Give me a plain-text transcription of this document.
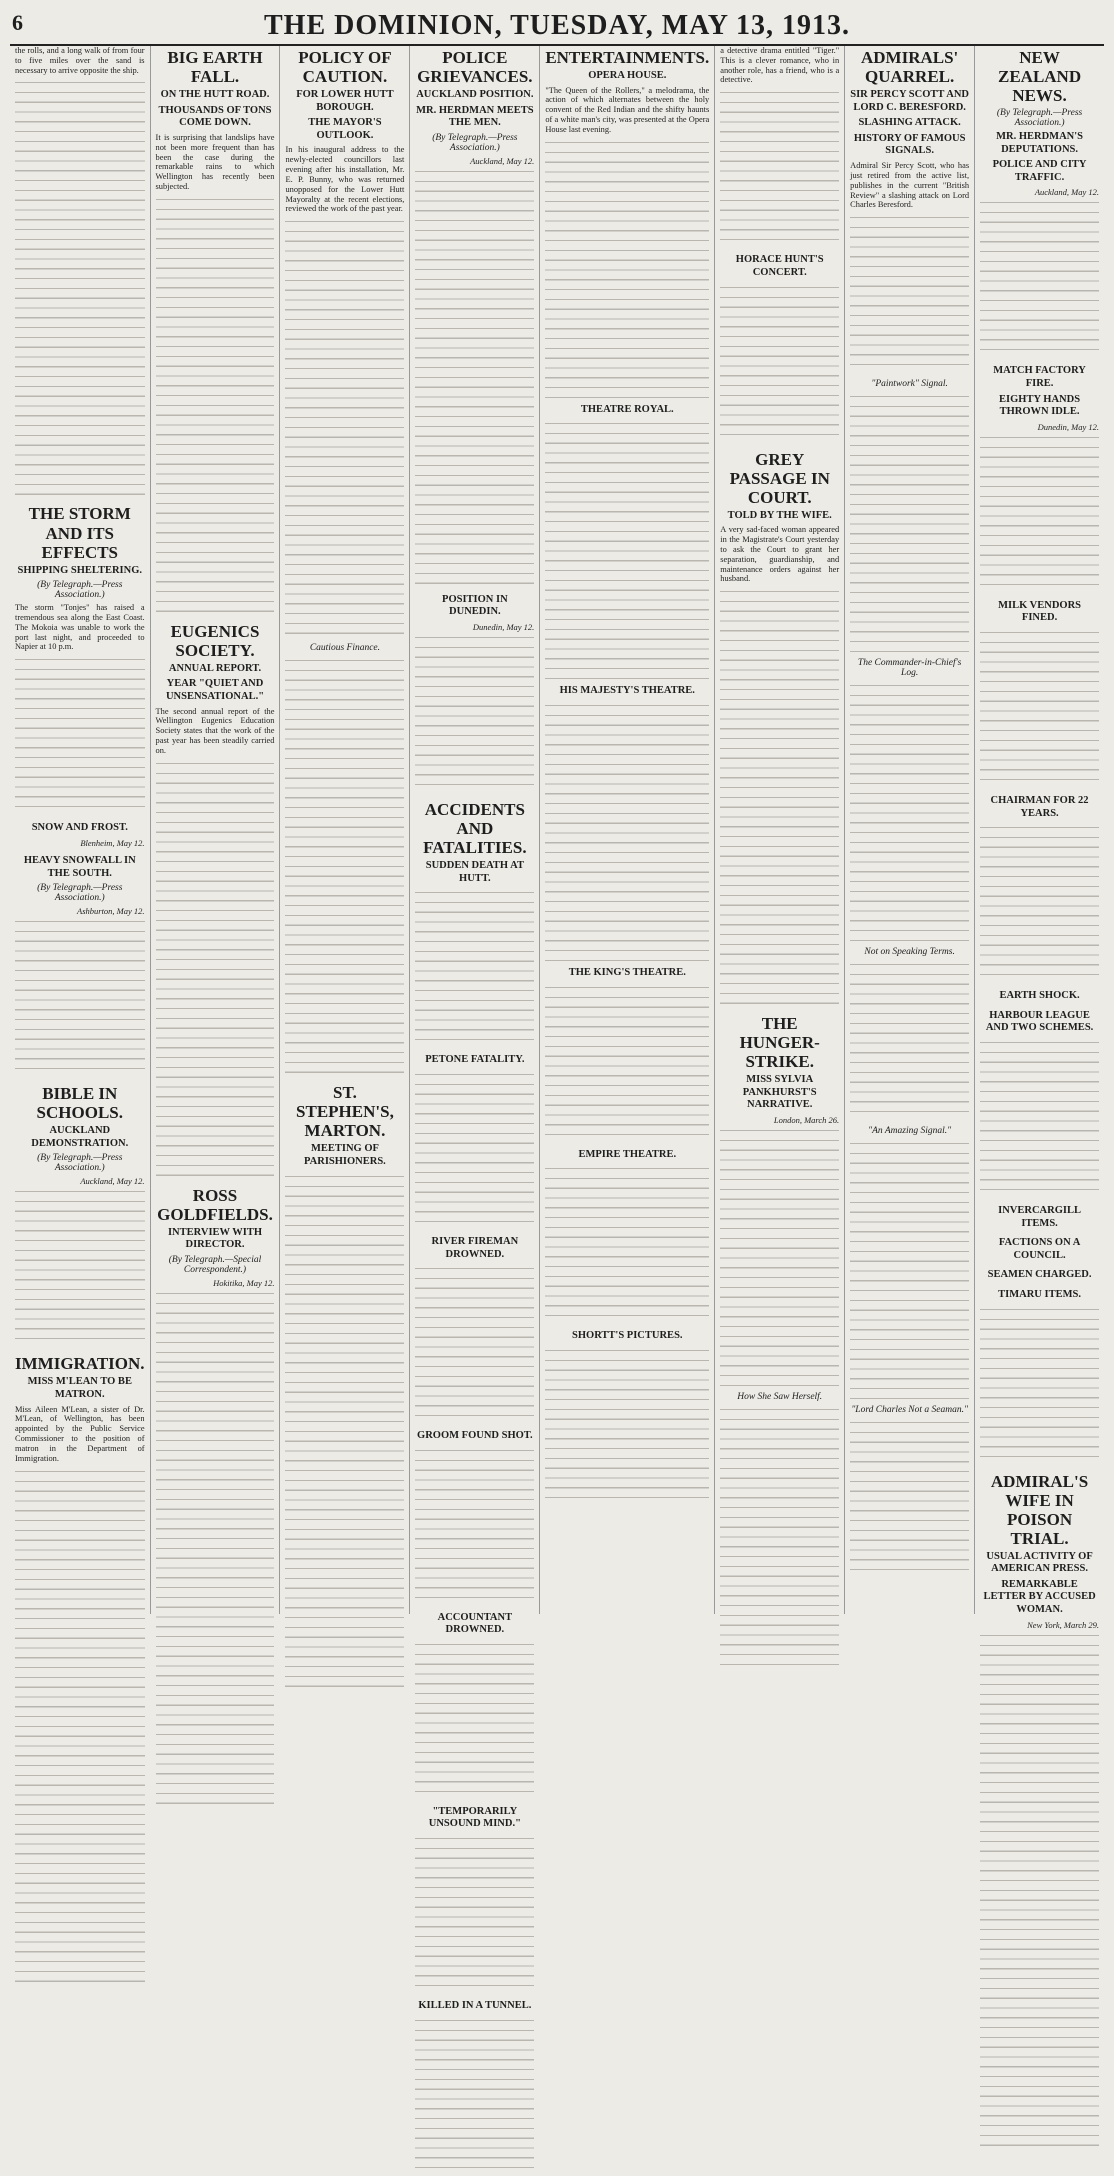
6	THE DOMINION, TUESDAY, MAY 13, 1913.

the rolls, and a long walk of from four to five miles over the sand is necessary to arrive opposite the ship.

THE STORM AND ITS EFFECTS
SHIPPING SHELTERING.
(By Telegraph.—Press Association.)

The storm "Tonjes" has raised a tremendous sea along the East Coast. The Mokoia was unable to work the port last night, and proceeded to Napier at 10 p.m.

SNOW AND FROST.
Blenheim, May 12.
HEAVY SNOWFALL IN THE SOUTH.
(By Telegraph.—Press Association.)
Ashburton, May 12.
BIBLE IN SCHOOLS.
AUCKLAND DEMONSTRATION.
(By Telegraph.—Press Association.)
Auckland, May 12.
IMMIGRATION.
MISS M'LEAN TO BE MATRON.

Miss Aileen M'Lean, a sister of Dr. M'Lean, of Wellington, has been appointed by the Public Service Commissioner to the position of matron in the Department of Immigration.

BIG EARTH FALL.
ON THE HUTT ROAD.
THOUSANDS OF TONS COME DOWN.

It is surprising that landslips have not been more frequent than has been the case during the remarkable rains to which Wellington has recently been subjected.

EUGENICS SOCIETY.
ANNUAL REPORT.
YEAR "QUIET AND UNSENSATIONAL."

The second annual report of the Wellington Eugenics Education Society states that the work of the past year has been steadily carried on.

ROSS GOLDFIELDS.
INTERVIEW WITH DIRECTOR.
(By Telegraph.—Special Correspondent.)
Hokitika, May 12.
POLICY OF CAUTION.
FOR LOWER HUTT BOROUGH.
THE MAYOR'S OUTLOOK.

In his inaugural address to the newly-elected councillors last evening after his installation, Mr. E. P. Bunny, who was returned unopposed for the Lower Hutt Mayoralty at the recent elections, reviewed the work of the past year.

Cautious Finance.
ST. STEPHEN'S, MARTON.
MEETING OF PARISHIONERS.
POLICE GRIEVANCES.
AUCKLAND POSITION.
MR. HERDMAN MEETS THE MEN.
(By Telegraph.—Press Association.)
Auckland, May 12.
POSITION IN DUNEDIN.
Dunedin, May 12.
ACCIDENTS AND FATALITIES.
SUDDEN DEATH AT HUTT.
PETONE FATALITY.
RIVER FIREMAN DROWNED.
GROOM FOUND SHOT.
ACCOUNTANT DROWNED.
"TEMPORARILY UNSOUND MIND."
KILLED IN A TUNNEL.
ENTERTAINMENTS.
OPERA HOUSE.

"The Queen of the Rollers," a melodrama, the action of which alternates between the holy convent of the Red Indian and the shifty haunts of a white man's city, was presented at the Opera House last evening.

THEATRE ROYAL.
HIS MAJESTY'S THEATRE.
THE KING'S THEATRE.
EMPIRE THEATRE.
SHORTT'S PICTURES.

a detective drama entitled "Tiger." This is a clever romance, who in another role, has a friend, who is a detective.

HORACE HUNT'S CONCERT.
GREY PASSAGE IN COURT.
TOLD BY THE WIFE.

A very sad-faced woman appeared in the Magistrate's Court yesterday to ask the Court to grant her separation, guardianship, and maintenance orders against her husband.

THE HUNGER-STRIKE.
MISS SYLVIA PANKHURST'S NARRATIVE.
London, March 26.
How She Saw Herself.
ADMIRALS' QUARREL.
SIR PERCY SCOTT AND LORD C. BERESFORD.
SLASHING ATTACK.
HISTORY OF FAMOUS SIGNALS.

Admiral Sir Percy Scott, who has just retired from the active list, publishes in the current "British Review" a slashing attack on Lord Charles Beresford.

"Paintwork" Signal.
The Commander-in-Chief's Log.
Not on Speaking Terms.
"An Amazing Signal."
"Lord Charles Not a Seaman."
NEW ZEALAND NEWS.
(By Telegraph.—Press Association.)
MR. HERDMAN'S DEPUTATIONS.
POLICE AND CITY TRAFFIC.
Auckland, May 12.
MATCH FACTORY FIRE.
EIGHTY HANDS THROWN IDLE.
Dunedin, May 12.
MILK VENDORS FINED.
CHAIRMAN FOR 22 YEARS.
EARTH SHOCK.
HARBOUR LEAGUE AND TWO SCHEMES.
INVERCARGILL ITEMS.
FACTIONS ON A COUNCIL.
SEAMEN CHARGED.
TIMARU ITEMS.
ADMIRAL'S WIFE IN POISON TRIAL.
USUAL ACTIVITY OF AMERICAN PRESS.
REMARKABLE LETTER BY ACCUSED WOMAN.
New York, March 29.
